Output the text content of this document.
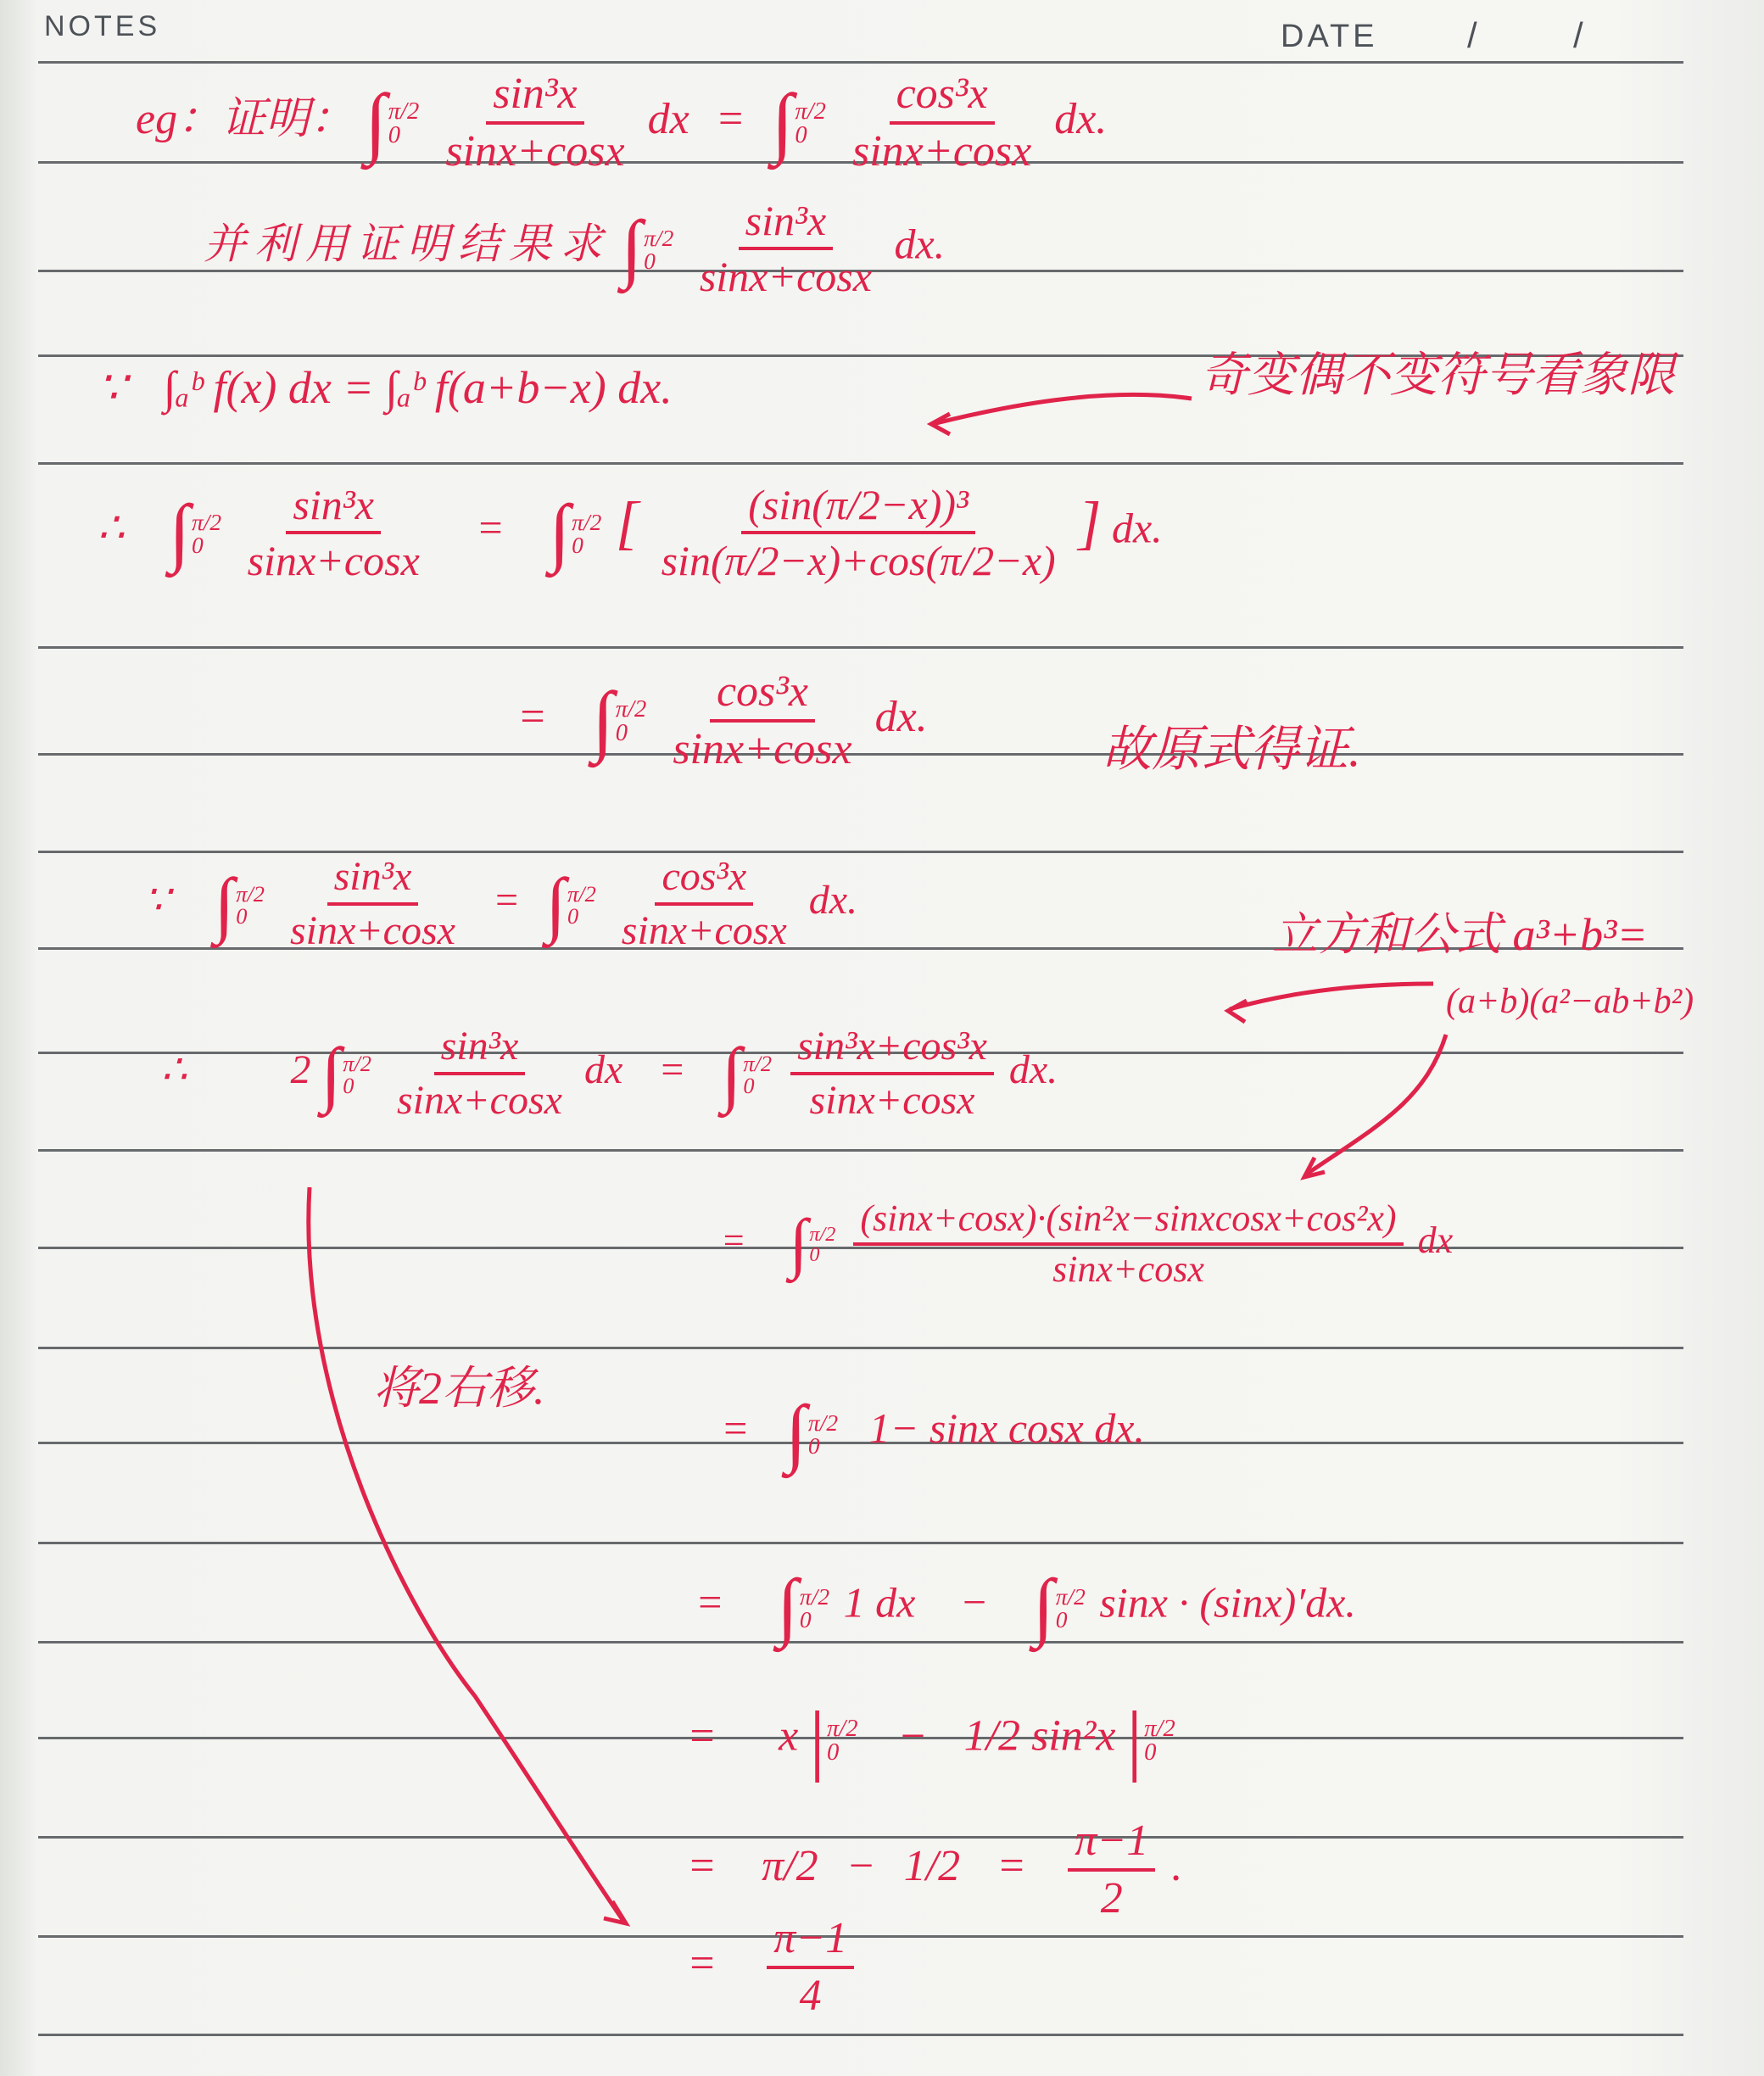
NOTES	DATE	/	/
eg：证明： ∫ π/2
0
$\frac{\text{sin³x}}{\sin x+\cos x}$ dx = ∫ π/2
0
$\frac{\text{cos³x}}{\sin x+\cos x}$ dx.
并利用证明结果求 ∫ π/2
0
$\frac{\text{sin³x}}{\sin x+\cos x}$ dx.
∵ ∫ₐᵇ f(x) dx = ∫ₐᵇ f(a+b−x) dx.	奇变偶不变符号看象限
∴ ∫ π/2
0
$\frac{\text{sin³x}}{\sin x+\cos x}$ = ∫ π/2
0 [ $\frac{\text{(sin(π/2−x))³}}{\sin(\pi/2-x)+\cos(\pi/2-x)}$ ] dx.
= ∫ π/2
0
$\frac{\text{cos³x}}{\sin x+\cos x}$ dx.
故原式得证.
∵ ∫ π/2
0
$\frac{\text{sin³x}}{\sin x+\cos x}$ = ∫ π/2
0
$\frac{\text{cos³x}}{\sin x+\cos x}$ dx.
立方和公式 a³+b³=
(a+b)(a²−ab+b²)
∴	2 ∫ π/2
0
$\frac{\text{sin³x}}{\sin x+\cos x}$ dx = ∫ π/2
0
$\frac{\text{sin³x+cos³x}}{\sin x+\cos x}$ dx.
= ∫ π/2
0
$\frac{\text{(sinx+cosx)·(sin²x−sinxcosx+cos²x)}}{\sin x+\cos x}$ dx
将2右移.
= ∫ π/2
0	1− sinx cosx dx.
= ∫ π/2
0 1 dx − ∫ π/2
0 sinx · (sinx)′dx.
= x | π/2
0	− 1/2 sin²x | π/2
0
= $\pi/2 - 1/2 = \frac{\pi-1}{2}$ .
= $\frac{\pi-1}{4}$
